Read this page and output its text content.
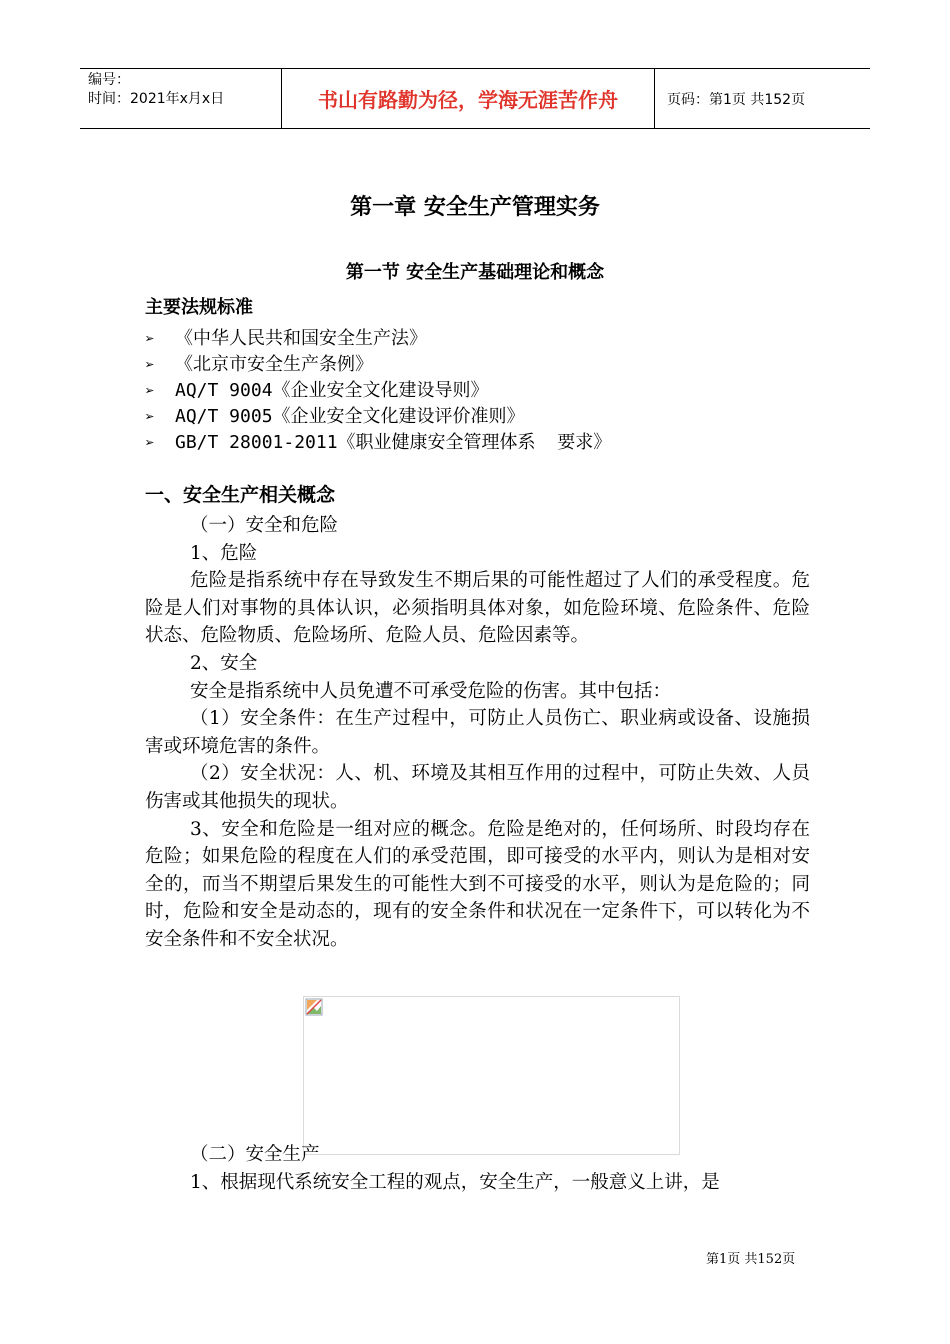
编号：
时间：2021年x月x日	书山有路勤为径，学海无涯苦作舟	页码：第1页 共152页
第一章 安全生产管理实务
第一节 安全生产基础理论和概念
主要法规标准
➢ 《中华人民共和国安全生产法》
➢ 《北京市安全生产条例》
➢ AQ/T 9004《企业安全文化建设导则》
➢ AQ/T 9005《企业安全文化建设评价准则》
➢ GB/T 28001-2011《职业健康安全管理体系  要求》
一、安全生产相关概念

（一）安全和危险

1、危险

危险是指系统中存在导致发生不期后果的可能性超过了人们的承受程度。危险是人们对事物的具体认识，必须指明具体对象，如危险环境、危险条件、危险状态、危险物质、危险场所、危险人员、危险因素等。

2、安全

安全是指系统中人员免遭不可承受危险的伤害。其中包括：

（1）安全条件：在生产过程中，可防止人员伤亡、职业病或设备、设施损害或环境危害的条件。

（2）安全状况：人、机、环境及其相互作用的过程中，可防止失效、人员伤害或其他损失的现状。

3、安全和危险是一组对应的概念。危险是绝对的，任何场所、时段均存在危险；如果危险的程度在人们的承受范围，即可接受的水平内，则认为是相对安全的，而当不期望后果发生的可能性大到不可接受的水平，则认为是危险的；同时，危险和安全是动态的，现有的安全条件和状况在一定条件下，可以转化为不安全条件和不安全状况。

（二）安全生产

1、根据现代系统安全工程的观点，安全生产，一般意义上讲，是

第1页 共152页
